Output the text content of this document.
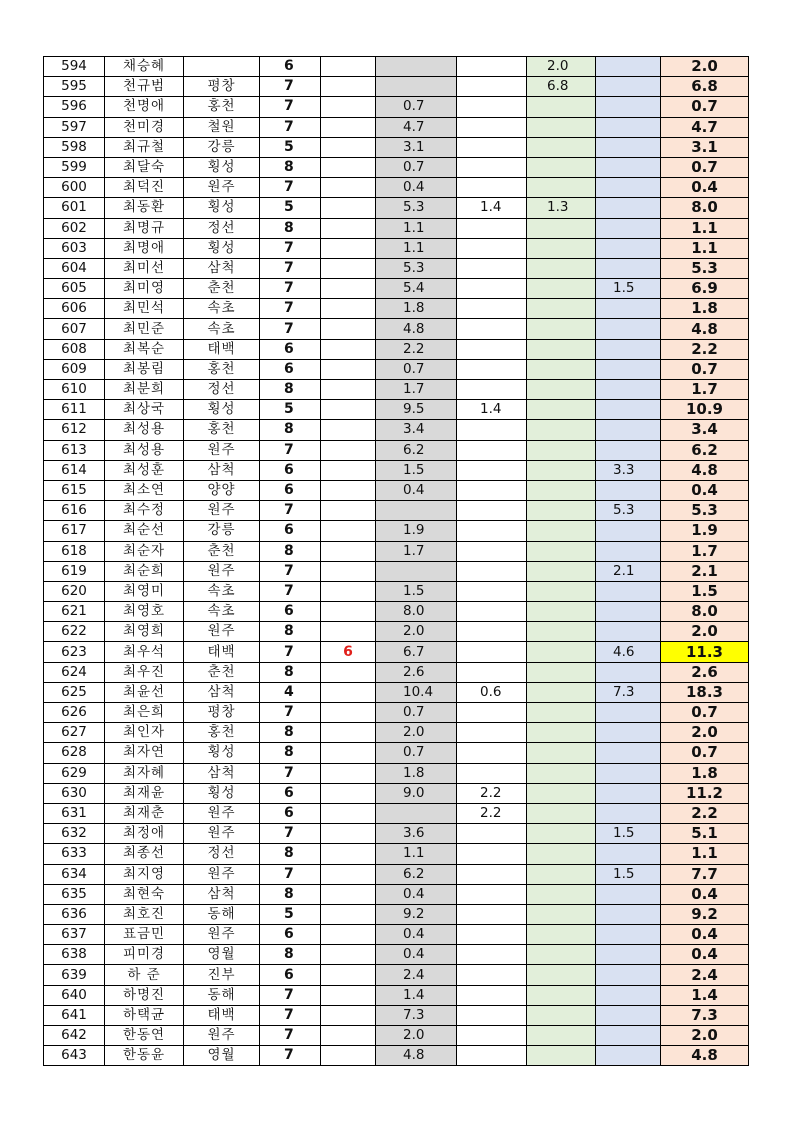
594	채승혜		6				2.0		2.0
595	천규범	평창	7				6.8		6.8
596	천명애	홍천	7		0.7				0.7
597	천미경	철원	7		4.7				4.7
598	최규철	강릉	5		3.1				3.1
599	최달숙	횡성	8		0.7				0.7
600	최덕진	원주	7		0.4				0.4
601	최동환	횡성	5		5.3	1.4	1.3		8.0
602	최명규	정선	8		1.1				1.1
603	최명애	횡성	7		1.1				1.1
604	최미선	삼척	7		5.3				5.3
605	최미영	춘천	7		5.4			1.5	6.9
606	최민석	속초	7		1.8				1.8
607	최민준	속초	7		4.8				4.8
608	최복순	태백	6		2.2				2.2
609	최봉림	홍천	6		0.7				0.7
610	최분희	정선	8		1.7				1.7
611	최상국	횡성	5		9.5	1.4			10.9
612	최성용	홍천	8		3.4				3.4
613	최성용	원주	7		6.2				6.2
614	최성훈	삼척	6		1.5			3.3	4.8
615	최소연	양양	6		0.4				0.4
616	최수정	원주	7					5.3	5.3
617	최순선	강릉	6		1.9				1.9
618	최순자	춘천	8		1.7				1.7
619	최순희	원주	7					2.1	2.1
620	최영미	속초	7		1.5				1.5
621	최영호	속초	6		8.0				8.0
622	최영희	원주	8		2.0				2.0
623	최우석	태백	7	6	6.7			4.6	11.3
624	최우진	춘천	8		2.6				2.6
625	최윤선	삼척	4		10.4	0.6		7.3	18.3
626	최은희	평창	7		0.7				0.7
627	최인자	홍천	8		2.0				2.0
628	최자연	횡성	8		0.7				0.7
629	최자혜	삼척	7		1.8				1.8
630	최재윤	횡성	6		9.0	2.2			11.2
631	최재춘	원주	6			2.2			2.2
632	최정애	원주	7		3.6			1.5	5.1
633	최종선	정선	8		1.1				1.1
634	최지영	원주	7		6.2			1.5	7.7
635	최현숙	삼척	8		0.4				0.4
636	최호진	동해	5		9.2				9.2
637	표금민	원주	6		0.4				0.4
638	피미경	영월	8		0.4				0.4
639	하 준	진부	6		2.4				2.4
640	하명진	동해	7		1.4				1.4
641	하택균	태백	7		7.3				7.3
642	한동연	원주	7		2.0				2.0
643	한동윤	영월	7		4.8				4.8
